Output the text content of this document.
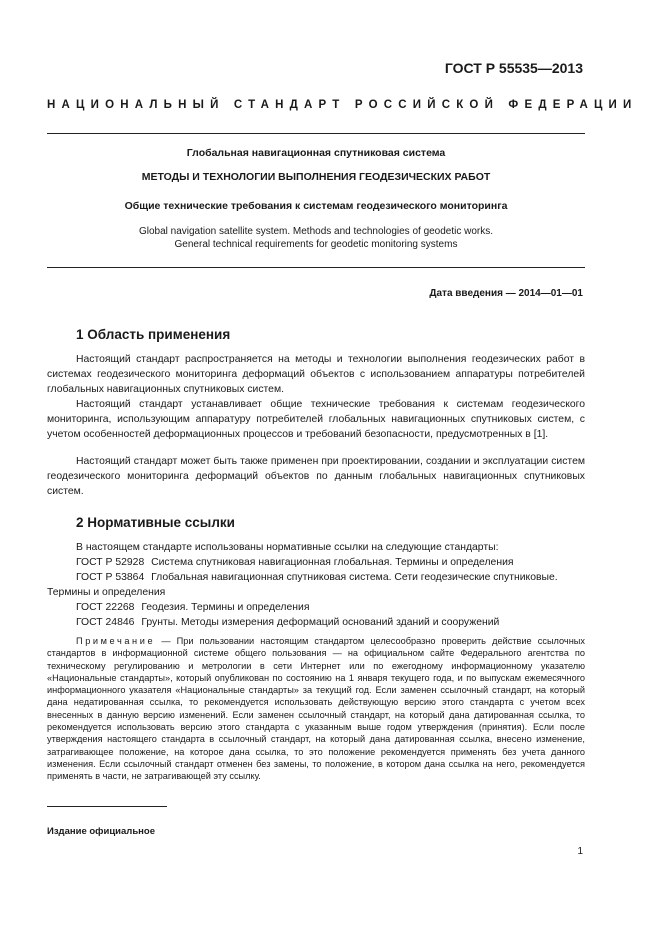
ГОСТ Р 55535—2013
НАЦИОНАЛЬНЫЙ СТАНДАРТ РОССИЙСКОЙ ФЕДЕРАЦИИ
Глобальная навигационная спутниковая система
МЕТОДЫ И ТЕХНОЛОГИИ ВЫПОЛНЕНИЯ ГЕОДЕЗИЧЕСКИХ РАБОТ
Общие технические требования к системам геодезического мониторинга
Global navigation satellite system. Methods and technologies of geodetic works.
General technical requirements for geodetic monitoring systems
Дата введения — 2014—01—01
1 Область применения

Настоящий стандарт распространяется на методы и технологии выполнения геодезических работ в системах геодезического мониторинга деформаций объектов с использованием аппаратуры потребителей глобальных навигационных спутниковых систем.

Настоящий стандарт устанавливает общие технические требования к системам геодезического мониторинга, использующим аппаратуру потребителей глобальных навигационных спутниковых систем, с учетом особенностей деформационных процессов и требований безопасности, предусмотренных в [1].

Настоящий стандарт может быть также применен при проектировании, создании и эксплуатации систем геодезического мониторинга деформаций объектов по данным глобальных навигационных спутниковых систем.

2 Нормативные ссылки

В настоящем стандарте использованы нормативные ссылки на следующие стандарты:

ГОСТ Р 52928 Система спутниковая навигационная глобальная. Термины и определения

ГОСТ Р 53864 Глобальная навигационная спутниковая система. Сети геодезические спутниковые. Термины и определения

ГОСТ 22268 Геодезия. Термины и определения

ГОСТ 24846 Грунты. Методы измерения деформаций оснований зданий и сооружений

Примечание — При пользовании настоящим стандартом целесообразно проверить действие ссылочных стандартов в информационной системе общего пользования — на официальном сайте Федерального агентства по техническому регулированию и метрологии в сети Интернет или по ежегодному информационному указателю «Национальные стандарты», который опубликован по состоянию на 1 января текущего года, и по выпускам ежемесячного информационного указателя «Национальные стандарты» за текущий год. Если заменен ссылочный стандарт, на который дана недатированная ссылка, то рекомендуется использовать действующую версию этого стандарта с учетом всех внесенных в данную версию изменений. Если заменен ссылочный стандарт, на который дана датированная ссылка, то рекомендуется использовать версию этого стандарта с указанным выше годом утверждения (принятия). Если после утверждения настоящего стандарта в ссылочный стандарт, на который дана датированная ссылка, внесено изменение, затрагивающее положение, на которое дана ссылка, то это положение рекомендуется применять без учета данного изменения. Если ссылочный стандарт отменен без замены, то положение, в котором дана ссылка на него, рекомендуется применять в части, не затрагивающей эту ссылку.

Издание официальное
1
